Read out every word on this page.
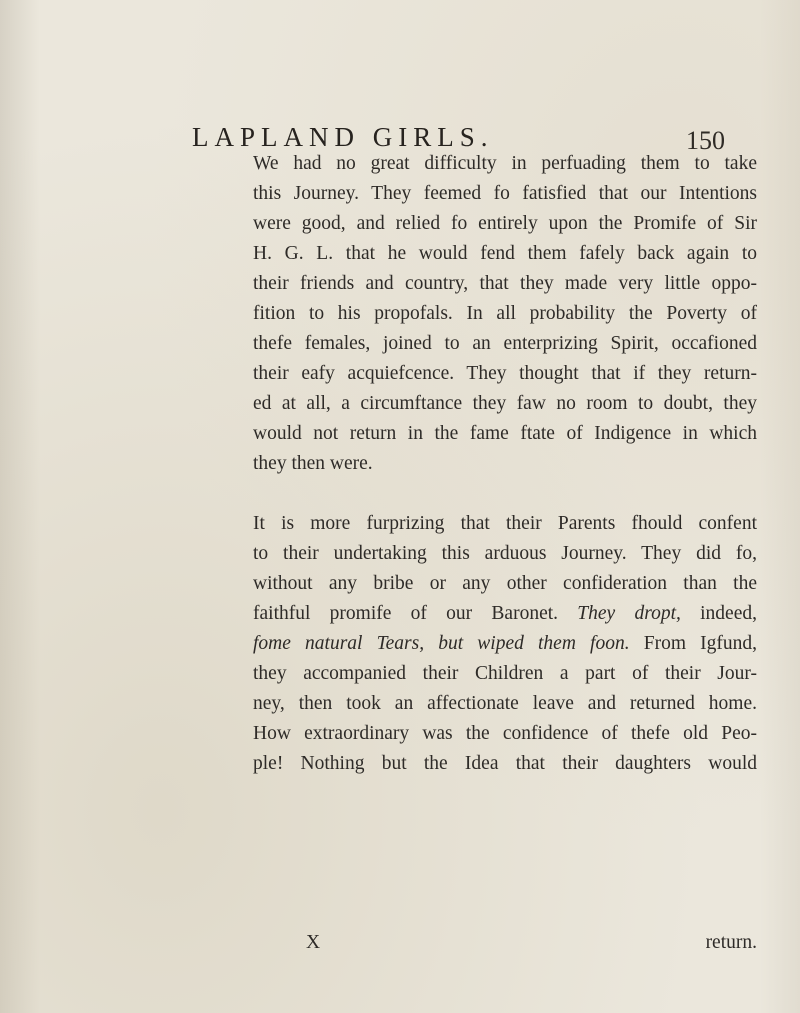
LAPLAND GIRLS.	150

We had no great difficulty in perfuading them to take
this Journey. They feemed fo fatisfied that our Intentions
were good, and relied fo entirely upon the Promife of Sir
H. G. L. that he would fend them fafely back again to
their friends and country, that they made very little oppo-
fition to his propofals. In all probability the Poverty of
thefe females, joined to an enterprizing Spirit, occafioned
their eafy acquiefcence. They thought that if they return-
ed at all, a circumftance they faw no room to doubt, they
would not return in the fame ftate of Indigence in which
they then were.

It is more furprizing that their Parents fhould confent
to their undertaking this arduous Journey. They did fo,
without any bribe or any other confideration than the
faithful promife of our Baronet. They dropt, indeed,
fome natural Tears, but wiped them foon. From Igfund,
they accompanied their Children a part of their Jour-
ney, then took an affectionate leave and returned home.
How extraordinary was the confidence of thefe old Peo-
ple! Nothing but the Idea that their daughters would

X	return.
